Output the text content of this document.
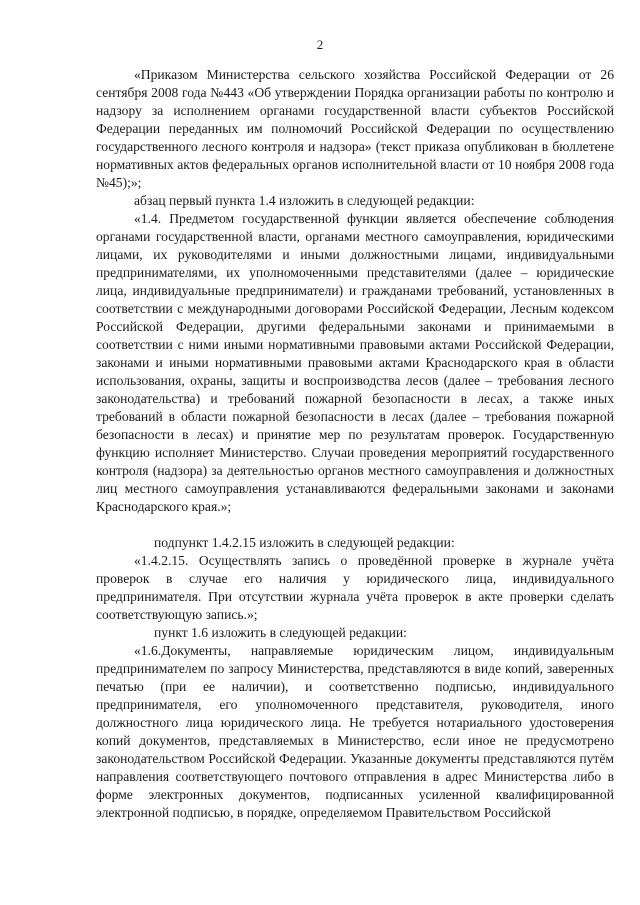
2

«Приказом Министерства сельского хозяйства Российской Федерации от 26 сентября 2008 года №443 «Об утверждении Порядка организации работы по контролю и надзору за исполнением органами государственной власти субъектов Российской Федерации переданных им полномочий Российской Федерации по осуществлению государственного лесного контроля и надзора» (текст приказа опубликован в бюллетене нормативных актов федеральных органов исполнительной власти от 10 ноября 2008 года №45);»;

абзац первый пункта 1.4 изложить в следующей редакции:

«1.4. Предметом государственной функции является обеспечение соблюдения органами государственной власти, органами местного самоуправления, юридическими лицами, их руководителями и иными должностными лицами, индивидуальными предпринимателями, их уполномоченными представителями (далее – юридические лица, индивидуальные предприниматели) и гражданами требований, установленных в соответствии с международными договорами Российской Федерации, Лесным кодексом Российской Федерации, другими федеральными законами и принимаемыми в соответствии с ними иными нормативными правовыми актами Российской Федерации, законами и иными нормативными правовыми актами Краснодарского края в области использования, охраны, защиты и воспроизводства лесов (далее – требования лесного законодательства) и требований пожарной безопасности в лесах, а также иных требований в области пожарной безопасности в лесах (далее – требования пожарной безопасности в лесах) и принятие мер по результатам проверок. Государственную функцию исполняет Министерство. Случаи проведения мероприятий государственного контроля (надзора) за деятельностью органов местного самоуправления и должностных лиц местного самоуправления устанавливаются федеральными законами и законами Краснодарского края.»;

подпункт 1.4.2.15 изложить в следующей редакции:

«1.4.2.15. Осуществлять запись о проведённой проверке в журнале учёта проверок в случае его наличия у юридического лица, индивидуального предпринимателя. При отсутствии журнала учёта проверок в акте проверки сделать соответствующую запись.»;

пункт 1.6 изложить в следующей редакции:

«1.6.Документы, направляемые юридическим лицом, индивидуальным предпринимателем по запросу Министерства, представляются в виде копий, заверенных печатью (при ее наличии), и соответственно подписью, индивидуального предпринимателя, его уполномоченного представителя, руководителя, иного должностного лица юридического лица. Не требуется нотариального удостоверения копий документов, представляемых в Министерство, если иное не предусмотрено законодательством Российской Федерации. Указанные документы представляются путём направления соответствующего почтового отправления в адрес Министерства либо в форме электронных документов, подписанных усиленной квалифицированной электронной подписью, в порядке, определяемом Правительством Российской
